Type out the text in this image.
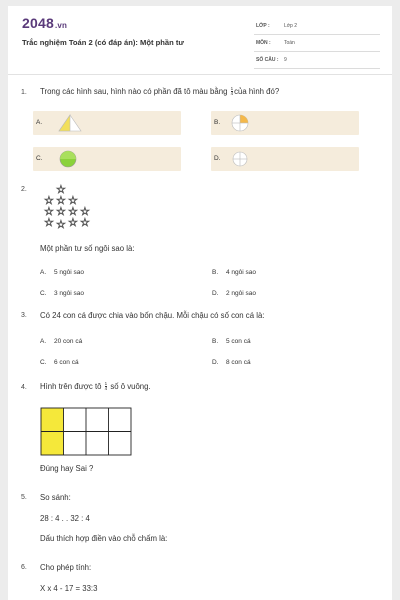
2048.vn
Trắc nghiệm Toán 2 (có đáp án): Một phần tư
LỚP :	Lớp 2
MÔN :	Toán
SỐ CÂU : 9
1. Trong các hình sau, hình nào có phần đã tô màu bằng $\frac{1}{4}$ của hình đó?
A.	B.
C.	D.
2.	☆
☆ ☆ ☆
☆ ☆ ☆ ☆
☆ ☆ ☆ ☆
Một phần tư số ngôi sao là:
A. 5 ngôi sao	B. 4 ngôi sao
C. 3 ngôi sao	D. 2 ngôi sao
3. Có 24 con cá được chia vào bốn chậu. Mỗi chậu có số con cá là:
A. 20 con cá	B. 5 con cá
C. 6 con cá	D. 8 con cá
4. Hình trên được tô $\frac{1}{4}$ số ô vuông.
Đúng hay Sai ?
5. So sánh:
28 : 4 . . 32 : 4
Dấu thích hợp điền vào chỗ chấm là:
6. Cho phép tính:
X x 4 - 17 = 33:3
